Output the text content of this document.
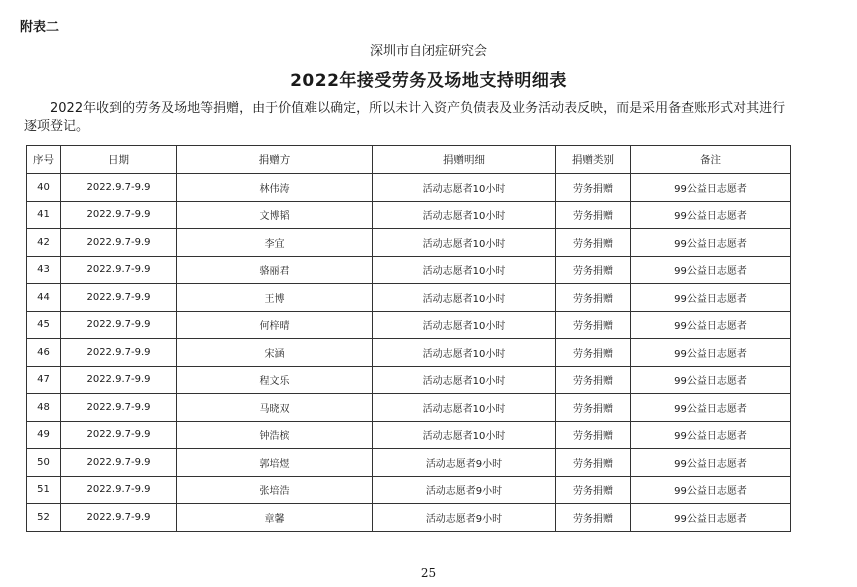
附表二
深圳市自闭症研究会
2022年接受劳务及场地支持明细表
2022年收到的劳务及场地等捐赠，由于价值难以确定，所以未计入资产负债表及业务活动表反映，而是采用备查账形式对其进行逐项登记。
序号	日期	捐赠方	捐赠明细	捐赠类别	备注
40	2022.9.7-9.9	林伟涛	活动志愿者10小时	劳务捐赠	99公益日志愿者
41	2022.9.7-9.9	文博韬	活动志愿者10小时	劳务捐赠	99公益日志愿者
42	2022.9.7-9.9	李宜	活动志愿者10小时	劳务捐赠	99公益日志愿者
43	2022.9.7-9.9	骆丽君	活动志愿者10小时	劳务捐赠	99公益日志愿者
44	2022.9.7-9.9	王博	活动志愿者10小时	劳务捐赠	99公益日志愿者
45	2022.9.7-9.9	何梓晴	活动志愿者10小时	劳务捐赠	99公益日志愿者
46	2022.9.7-9.9	宋涵	活动志愿者10小时	劳务捐赠	99公益日志愿者
47	2022.9.7-9.9	程文乐	活动志愿者10小时	劳务捐赠	99公益日志愿者
48	2022.9.7-9.9	马晓双	活动志愿者10小时	劳务捐赠	99公益日志愿者
49	2022.9.7-9.9	钟浩槟	活动志愿者10小时	劳务捐赠	99公益日志愿者
50	2022.9.7-9.9	郭培煜	活动志愿者9小时	劳务捐赠	99公益日志愿者
51	2022.9.7-9.9	张培浩	活动志愿者9小时	劳务捐赠	99公益日志愿者
52	2022.9.7-9.9	章馨	活动志愿者9小时	劳务捐赠	99公益日志愿者
25
